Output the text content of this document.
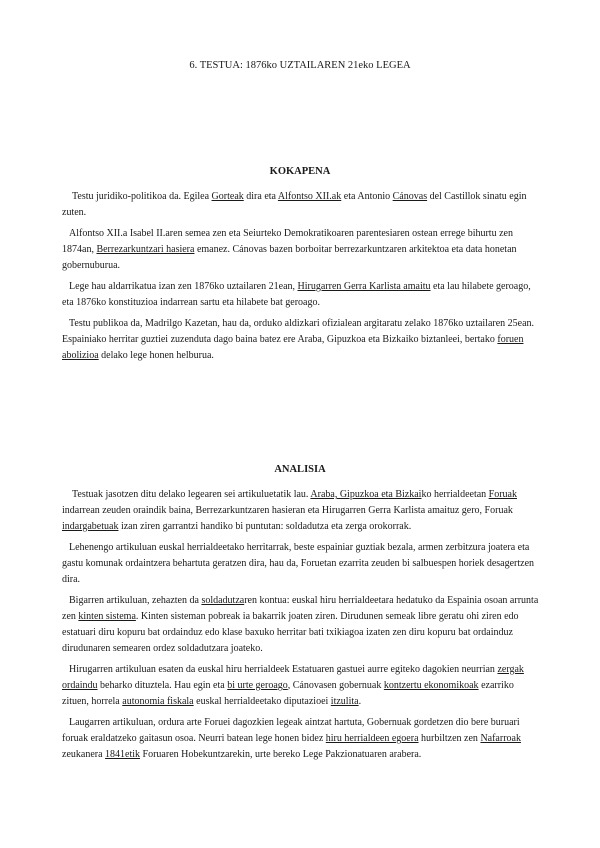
6. TESTUA: 1876ko UZTAILAREN 21eko LEGEA
KOKAPENA

Testu juridiko-politikoa da. Egilea Gorteak dira eta Alfontso XII.ak eta Antonio Cánovas del Castillok sinatu egin zuten.

Alfontso XII.a Isabel II.aren semea zen eta Seiurteko Demokratikoaren parentesiaren ostean errege bihurtu zen 1874an, Berrezarkuntzari hasiera emanez. Cánovas bazen borboitar berrezarkuntzaren arkitektoa eta data honetan gobernuburua.

Lege hau aldarrikatua izan zen 1876ko uztailaren 21ean, Hirugarren Gerra Karlista amaitu eta lau hilabete geroago, eta 1876ko konstituzioa indarrean sartu eta hilabete bat geroago.

Testu publikoa da, Madrilgo Kazetan, hau da, orduko aldizkari ofizialean argitaratu zelako 1876ko uztailaren 25ean. Espainiako herritar guztiei zuzenduta dago baina batez ere Araba, Gipuzkoa eta Bizkaiko biztanleei, bertako foruen abolizioa delako lege honen helburua.

ANALISIA

Testuak jasotzen ditu delako legearen sei artikuluetatik lau. Araba, Gipuzkoa eta Bizkaiko herrialdeetan Foruak indarrean zeuden oraindik baina, Berrezarkuntzaren hasieran eta Hirugarren Gerra Karlista amaituz gero, Foruak indargabetuak izan ziren garrantzi handiko bi puntutan: soldadutza eta zerga orokorrak.

Lehenengo artikuluan euskal herrialdeetako herritarrak, beste espainiar guztiak bezala, armen zerbitzura joatera eta gastu komunak ordaintzera behartuta geratzen dira, hau da, Foruetan ezarrita zeuden bi salbuespen horiek desagertzen dira.

Bigarren artikuluan, zehazten da soldadutzaren kontua: euskal hiru herrialdeetara hedatuko da Espainia osoan arrunta zen kinten sistema. Kinten sisteman pobreak ia bakarrik joaten ziren. Dirudunen semeak libre geratu ohi ziren edo estatuari diru kopuru bat ordainduz edo klase baxuko herritar bati txikiagoa izaten zen diru kopuru bat ordainduz dirudunaren semearen ordez soldadutzara joateko.

Hirugarren artikuluan esaten da euskal hiru herrialdeek Estatuaren gastuei aurre egiteko dagokien neurrian zergak ordaindu beharko dituztela. Hau egin eta bi urte geroago, Cánovasen gobernuak kontzertu ekonomikoak ezarriko zituen, horrela autonomia fiskala euskal herrialdeetako diputazioei itzulita.

Laugarren artikuluan, ordura arte Foruei dagozkien legeak aintzat hartuta, Gobernuak gordetzen dio bere buruari foruak eraldatzeko gaitasun osoa. Neurri batean lege honen bidez hiru herrialdeen egoera hurbiltzen zen Nafarroak zeukanera 1841etik Foruaren Hobekuntzarekin, urte bereko Lege Pakzionatuaren arabera.
